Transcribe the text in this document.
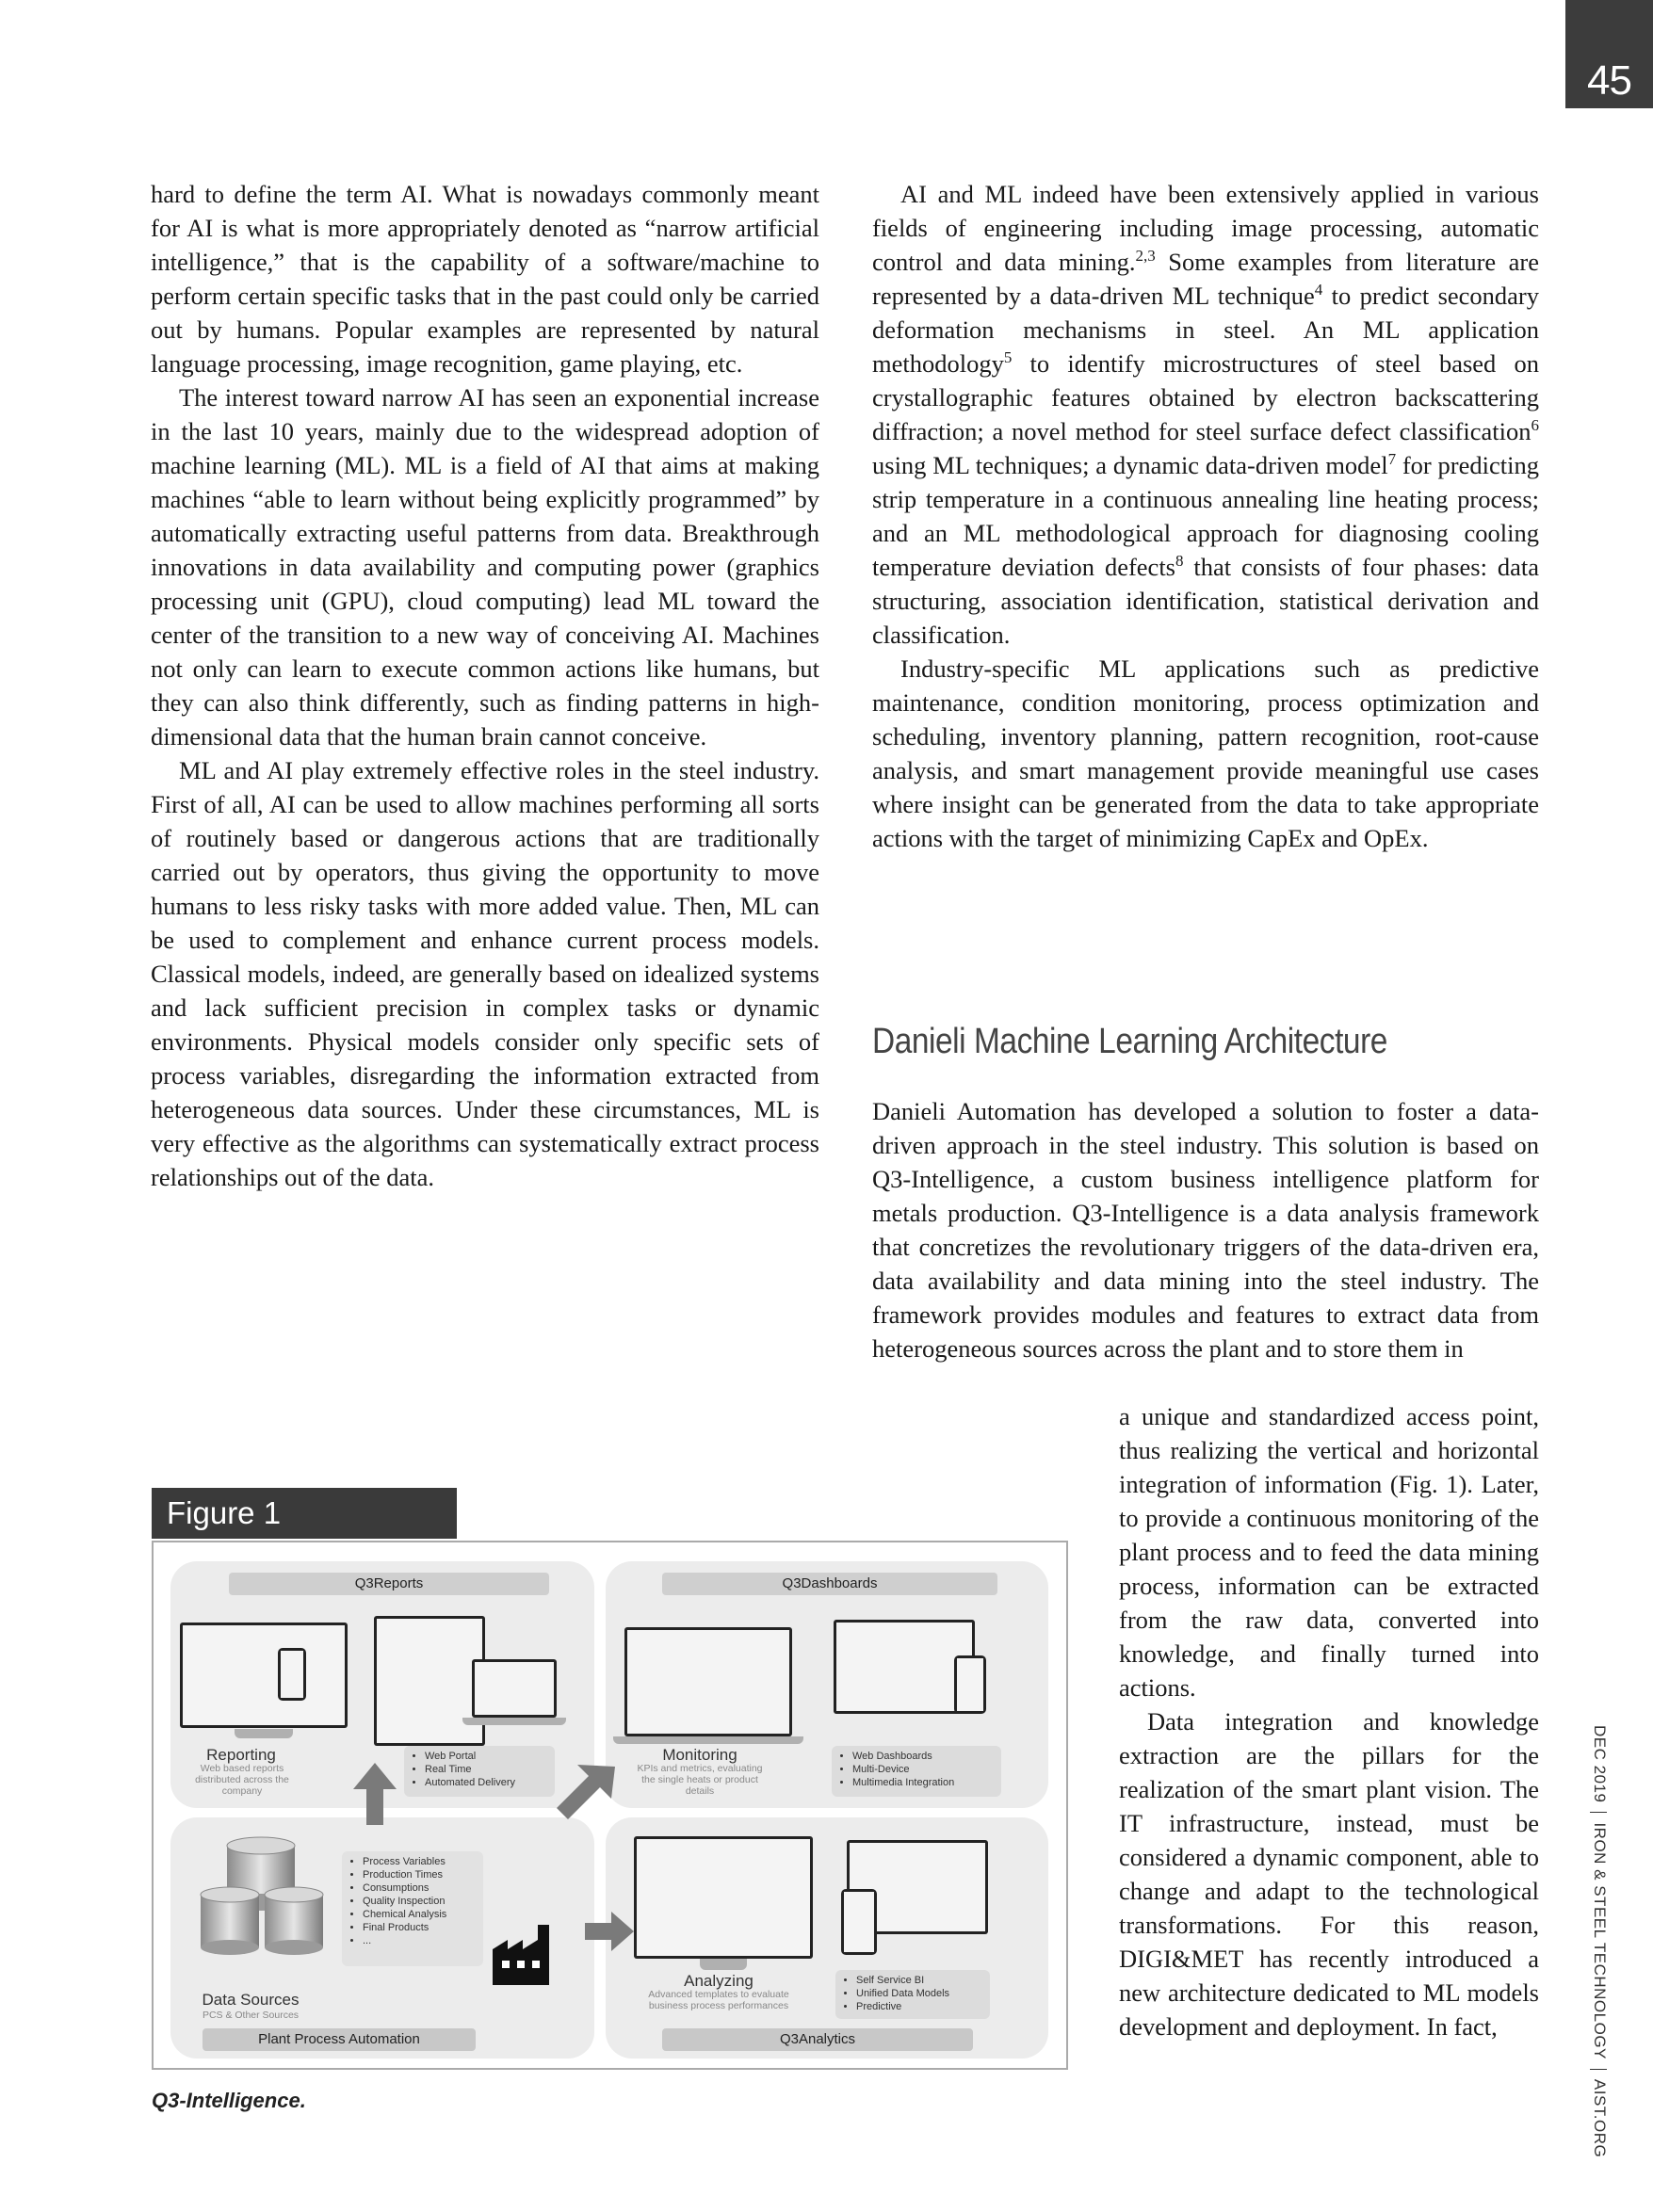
45

hard to define the term AI. What is nowadays commonly meant for AI is what is more appropriately denoted as “narrow artificial intelligence,” that is the capability of a software/machine to perform certain specific tasks that in the past could only be carried out by humans. Popular examples are represented by natural language processing, image recognition, game playing, etc.

The interest toward narrow AI has seen an exponential increase in the last 10 years, mainly due to the widespread adoption of machine learning (ML). ML is a field of AI that aims at making machines “able to learn without being explicitly programmed” by automatically extracting useful patterns from data. Breakthrough innovations in data availability and computing power (graphics processing unit (GPU), cloud computing) lead ML toward the center of the transition to a new way of conceiving AI. Machines not only can learn to execute common actions like humans, but they can also think differently, such as finding patterns in high-dimensional data that the human brain cannot conceive.

ML and AI play extremely effective roles in the steel industry. First of all, AI can be used to allow machines performing all sorts of routinely based or dangerous actions that are traditionally carried out by operators, thus giving the opportunity to move humans to less risky tasks with more added value. Then, ML can be used to complement and enhance current process models. Classical models, indeed, are generally based on idealized systems and lack sufficient precision in complex tasks or dynamic environments. Physical models consider only specific sets of process variables, disregarding the information extracted from heterogeneous data sources. Under these circumstances, ML is very effective as the algorithms can systematically extract process relationships out of the data.

AI and ML indeed have been extensively applied in various fields of engineering including image processing, automatic control and data mining.$^{2,3}$ Some examples from literature are represented by a data-driven ML technique$^4$ to predict secondary deformation mechanisms in steel. An ML application methodology$^5$ to identify microstructures of steel based on crystallographic features obtained by electron backscattering diffraction; a novel method for steel surface defect classification$^6$ using ML techniques; a dynamic data-driven model$^7$ for predicting strip temperature in a continuous annealing line heating process; and an ML methodological approach for diagnosing cooling temperature deviation defects$^8$ that consists of four phases: data structuring, association identification, statistical derivation and classification.

Industry-specific ML applications such as predictive maintenance, condition monitoring, process optimization and scheduling, inventory planning, pattern recognition, root-cause analysis, and smart management provide meaningful use cases where insight can be generated from the data to take appropriate actions with the target of minimizing CapEx and OpEx.

Danieli Machine Learning Architecture

Danieli Automation has developed a solution to foster a data-driven approach in the steel industry. This solution is based on Q3-Intelligence, a custom business intelligence platform for metals production. Q3-Intelligence is a data analysis framework that concretizes the revolutionary triggers of the data-driven era, data availability and data mining into the steel industry. The framework provides modules and features to extract data from heterogeneous sources across the plant and to store them in

a unique and standardized access point, thus realizing the vertical and horizontal integration of information (Fig. 1). Later, to provide a continuous monitoring of the plant process and to feed the data mining process, information can be extracted from the raw data, converted into knowledge, and finally turned into actions.

Data integration and knowledge extraction are the pillars for the realization of the smart plant vision. The IT infrastructure, instead, must be considered a dynamic component, able to change and adapt to the technological transformations. For this reason, DIGI&MET has recently introduced a new architecture dedicated to ML models development and deployment. In fact,

DEC 2019IRON & STEEL TECHNOLOGYAIST.ORG
Figure 1
Q3Reports
Reporting
Web based reports distributed across the company
• Web Portal
• Real Time
• Automated Delivery
Q3Dashboards
Monitoring
KPIs and metrics, evaluating the single heats or product details
• Web Dashboards
• Multi-Device
• Multimedia Integration
Data Sources
PCS & Other Sources
• Process Variables
• Production Times
• Consumptions
• Quality Inspection
• Chemical Analysis
• Final Products
• ...
Plant Process Automation
Analyzing
Advanced templates to evaluate business process performances
• Self Service BI
• Unified Data Models
• Predictive
Q3Analytics
Q3-Intelligence.
